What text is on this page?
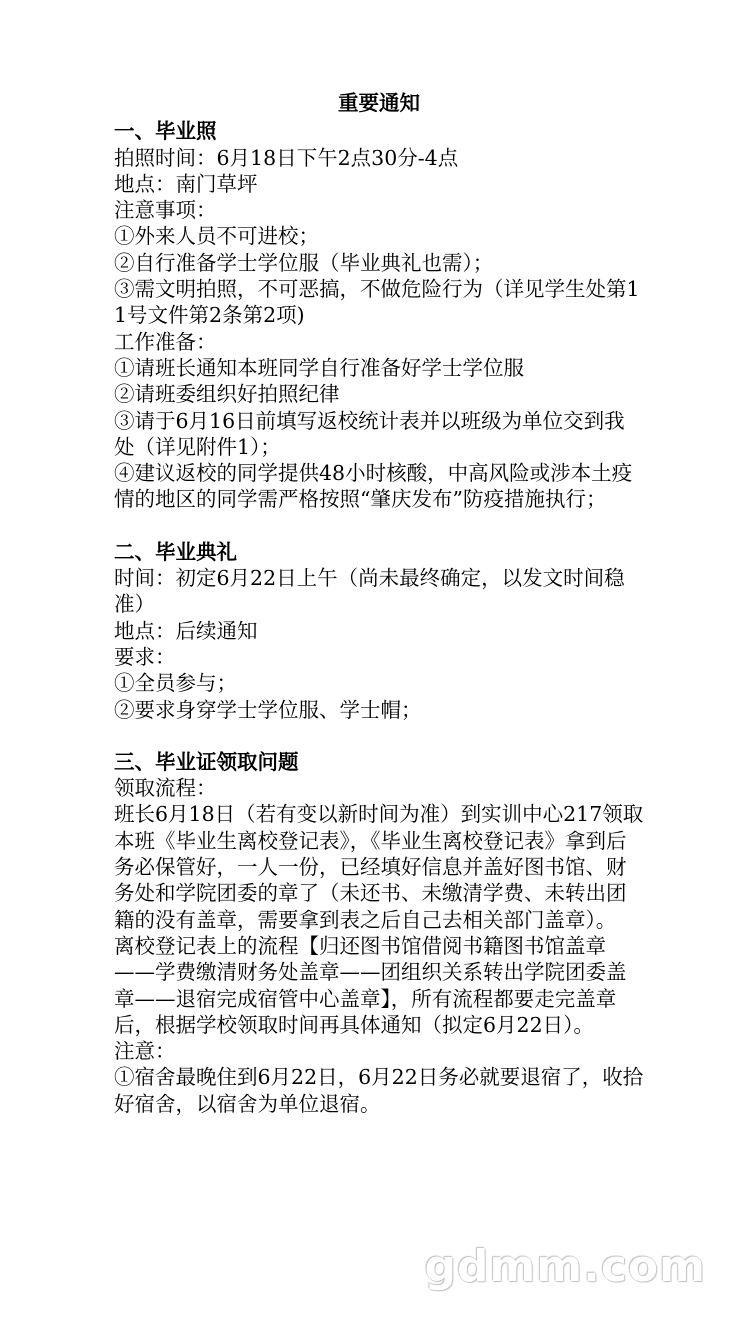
重要通知
一、毕业照
拍照时间：6月18日下午2点30分-4点
地点：南门草坪
注意事项：
①外来人员不可进校；
②自行准备学士学位服（毕业典礼也需）；
③需文明拍照，不可恶搞，不做危险行为（详见学生处第11号文件第2条第2项)
工作准备：
①请班长通知本班同学自行准备好学士学位服
②请班委组织好拍照纪律
③请于6月16日前填写返校统计表并以班级为单位交到我处（详见附件1）；
④建议返校的同学提供48小时核酸，中高风险或涉本土疫情的地区的同学需严格按照“肇庆发布”防疫措施执行；
二、毕业典礼
时间：初定6月22日上午（尚未最终确定，以发文时间稳准）
地点：后续通知
要求：
①全员参与；
②要求身穿学士学位服、学士帽；
三、毕业证领取问题
领取流程：
班长6月18日（若有变以新时间为准）到实训中心217领取本班《毕业生离校登记表》，《毕业生离校登记表》拿到后务必保管好，一人一份，已经填好信息并盖好图书馆、财务处和学院团委的章了（未还书、未缴清学费、未转出团籍的没有盖章，需要拿到表之后自己去相关部门盖章）。
离校登记表上的流程【归还图书馆借阅书籍图书馆盖章——学费缴清财务处盖章——团组织关系转出学院团委盖章——退宿完成宿管中心盖章】，所有流程都要走完盖章后，根据学校领取时间再具体通知（拟定6月22日）。
注意：
①宿舍最晚住到6月22日，6月22日务必就要退宿了，收拾好宿舍，以宿舍为单位退宿。
gdmm.com
